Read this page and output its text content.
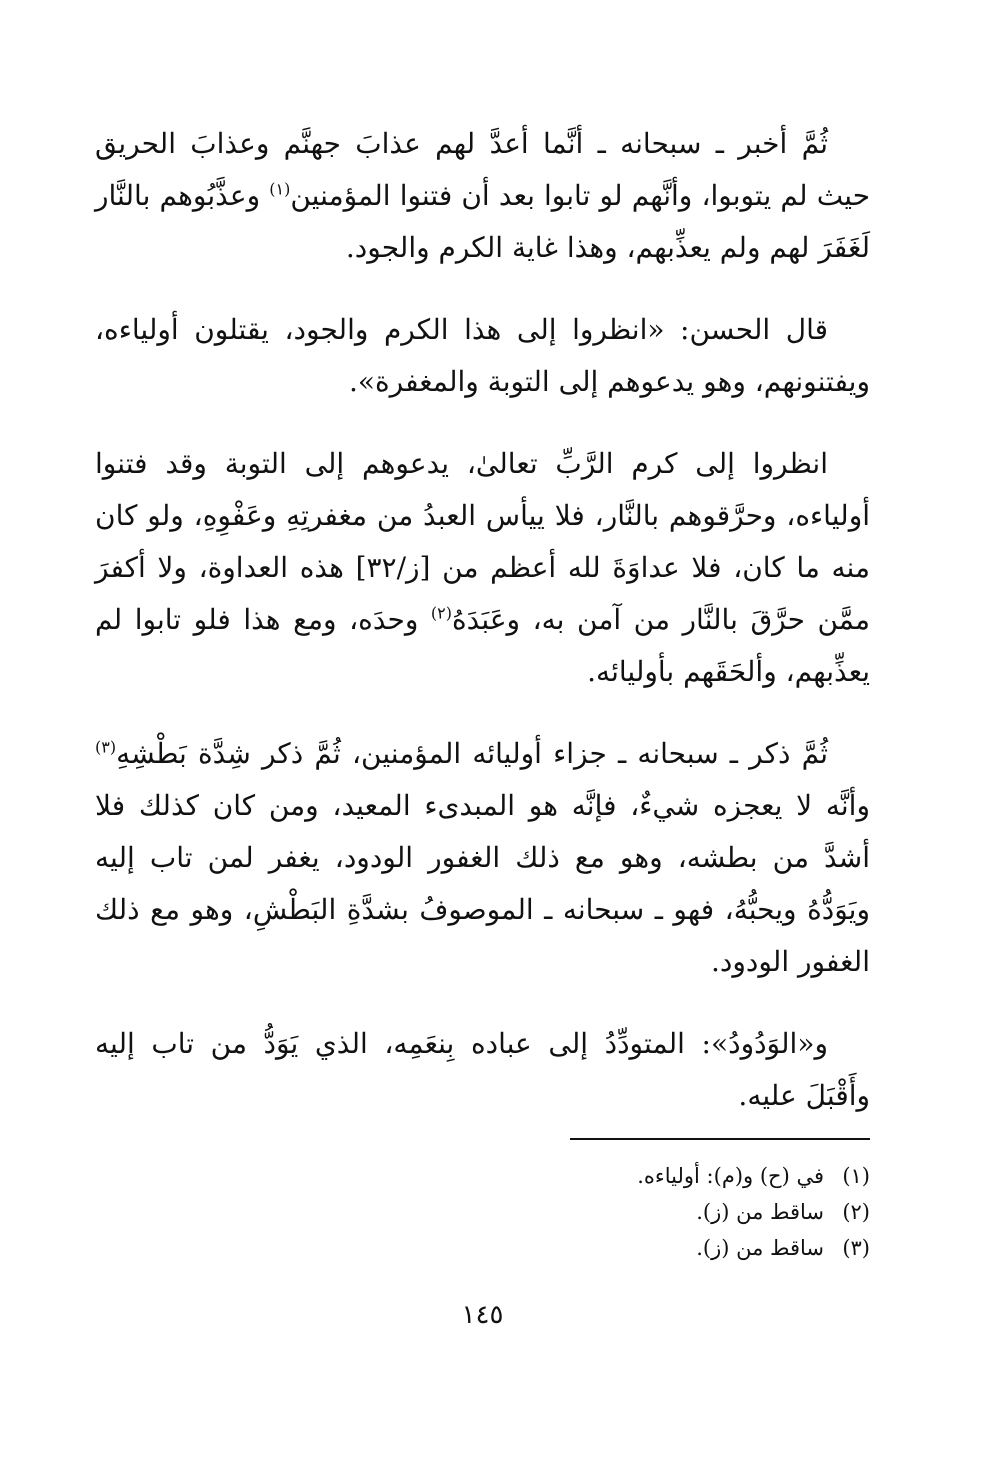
ثُمَّ أخبر ـ سبحانه ـ أنَّما أعدَّ لهم عذابَ جهنَّم وعذابَ الحريق حيث لم يتوبوا، وأنَّهم لو تابوا بعد أن فتنوا المؤمنين$^{(١)}$ وعذَّبُوهم بالنَّار لَغَفَرَ لهم ولم يعذِّبهم، وهذا غاية الكرم والجود.

قال الحسن: «انظروا إلى هذا الكرم والجود، يقتلون أولياءه، ويفتنونهم، وهو يدعوهم إلى التوبة والمغفرة».

انظروا إلى كرم الرَّبِّ تعالىٰ، يدعوهم إلى التوبة وقد فتنوا أولياءه، وحرَّقوهم بالنَّار، فلا ييأس العبدُ من مغفرتِهِ وعَفْوِهِ، ولو كان منه ما كان، فلا عداوَةَ لله أعظم من [ز/٣٢] هذه العداوة، ولا أكفرَ ممَّن حرَّقَ بالنَّار من آمن به، وعَبَدَهُ$^{(٢)}$ وحدَه، ومع هذا فلو تابوا لم يعذِّبهم، وألحَقَهم بأوليائه.

ثُمَّ ذكر ـ سبحانه ـ جزاء أوليائه المؤمنين، ثُمَّ ذكر شِدَّة بَطْشِهِ$^{(٣)}$ وأنَّه لا يعجزه شيءٌ، فإنَّه هو المبدىء المعيد، ومن كان كذلك فلا أشدَّ من بطشه، وهو مع ذلك الغفور الودود، يغفر لمن تاب إليه ويَوَدُّهُ ويحبُّهُ، فهو ـ سبحانه ـ الموصوفُ بشدَّةِ البَطْشِ، وهو مع ذلك الغفور الودود.

و«الوَدُودُ»: المتودِّدُ إلى عباده بِنعَمِه، الذي يَوَدُّ من تاب إليه وأَقْبَلَ عليه.

(١)في (ح) و(م): أولياءه.
(٢)ساقط من (ز).
(٣)ساقط من (ز).
١٤٥
